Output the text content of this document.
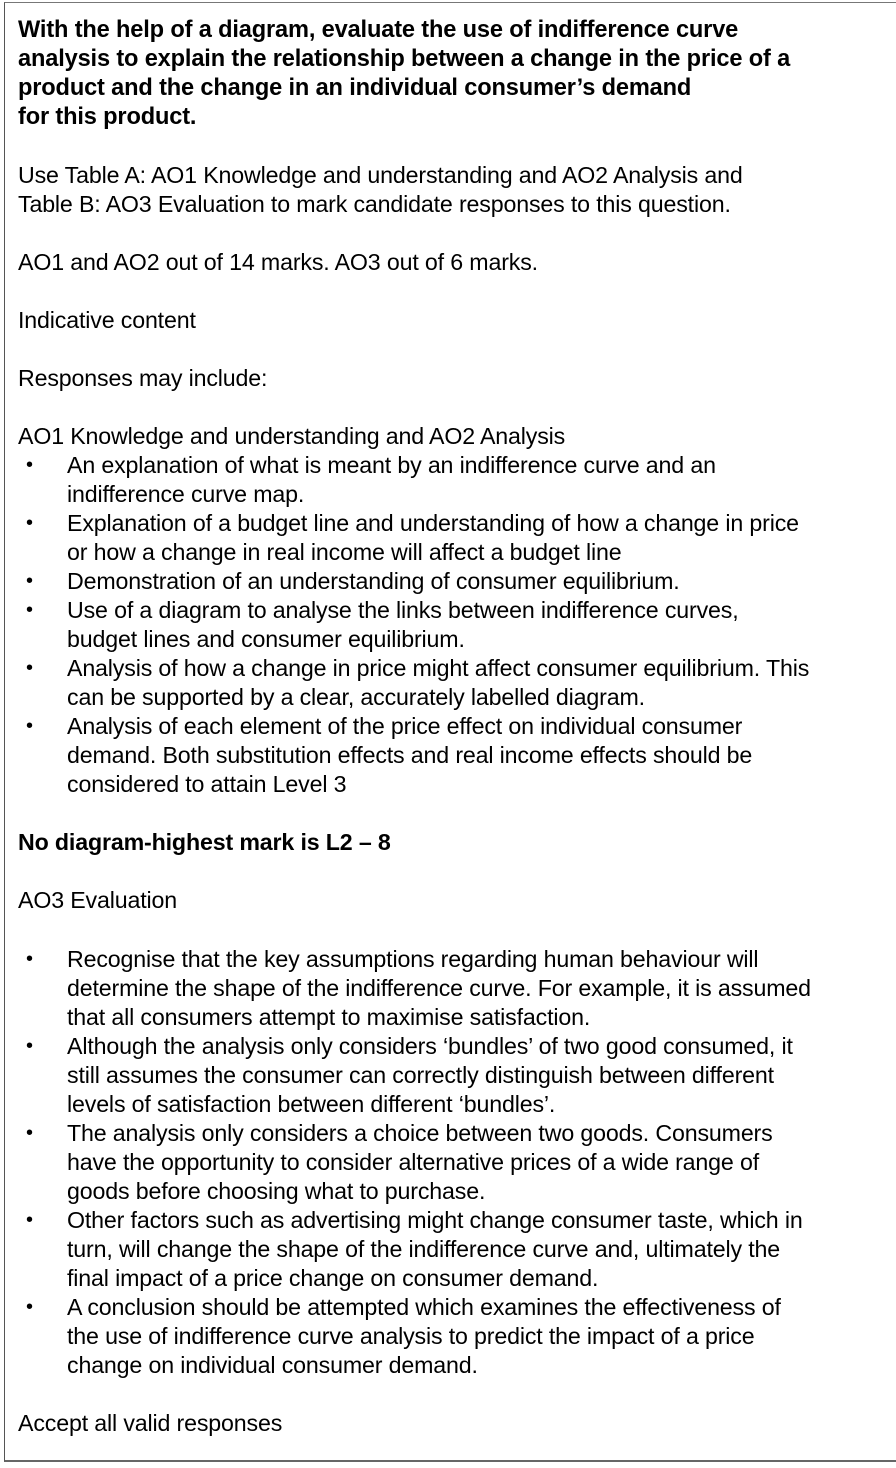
With the help of a diagram, evaluate the use of indifference curve

analysis to explain the relationship between a change in the price of a

product and the change in an individual consumer’s demand

for this product.

Use Table A: AO1 Knowledge and understanding and AO2 Analysis and

Table B: AO3 Evaluation to mark candidate responses to this question.

AO1 and AO2 out of 14 marks. AO3 out of 6 marks.

Indicative content

Responses may include:

AO1 Knowledge and understanding and AO2 Analysis

• An explanation of what is meant by an indifference curve and an

indifference curve map.

• Explanation of a budget line and understanding of how a change in price

or how a change in real income will affect a budget line

• Demonstration of an understanding of consumer equilibrium.

• Use of a diagram to analyse the links between indifference curves,

budget lines and consumer equilibrium.

• Analysis of how a change in price might affect consumer equilibrium. This

can be supported by a clear, accurately labelled diagram.

• Analysis of each element of the price effect on individual consumer

demand. Both substitution effects and real income effects should be

considered to attain Level 3

No diagram-highest mark is L2 – 8

AO3 Evaluation

• Recognise that the key assumptions regarding human behaviour will

determine the shape of the indifference curve. For example, it is assumed

that all consumers attempt to maximise satisfaction.

• Although the analysis only considers ‘bundles’ of two good consumed, it

still assumes the consumer can correctly distinguish between different

levels of satisfaction between different ‘bundles’.

• The analysis only considers a choice between two goods. Consumers

have the opportunity to consider alternative prices of a wide range of

goods before choosing what to purchase.

• Other factors such as advertising might change consumer taste, which in

turn, will change the shape of the indifference curve and, ultimately the

final impact of a price change on consumer demand.

• A conclusion should be attempted which examines the effectiveness of

the use of indifference curve analysis to predict the impact of a price

change on individual consumer demand.

Accept all valid responses
